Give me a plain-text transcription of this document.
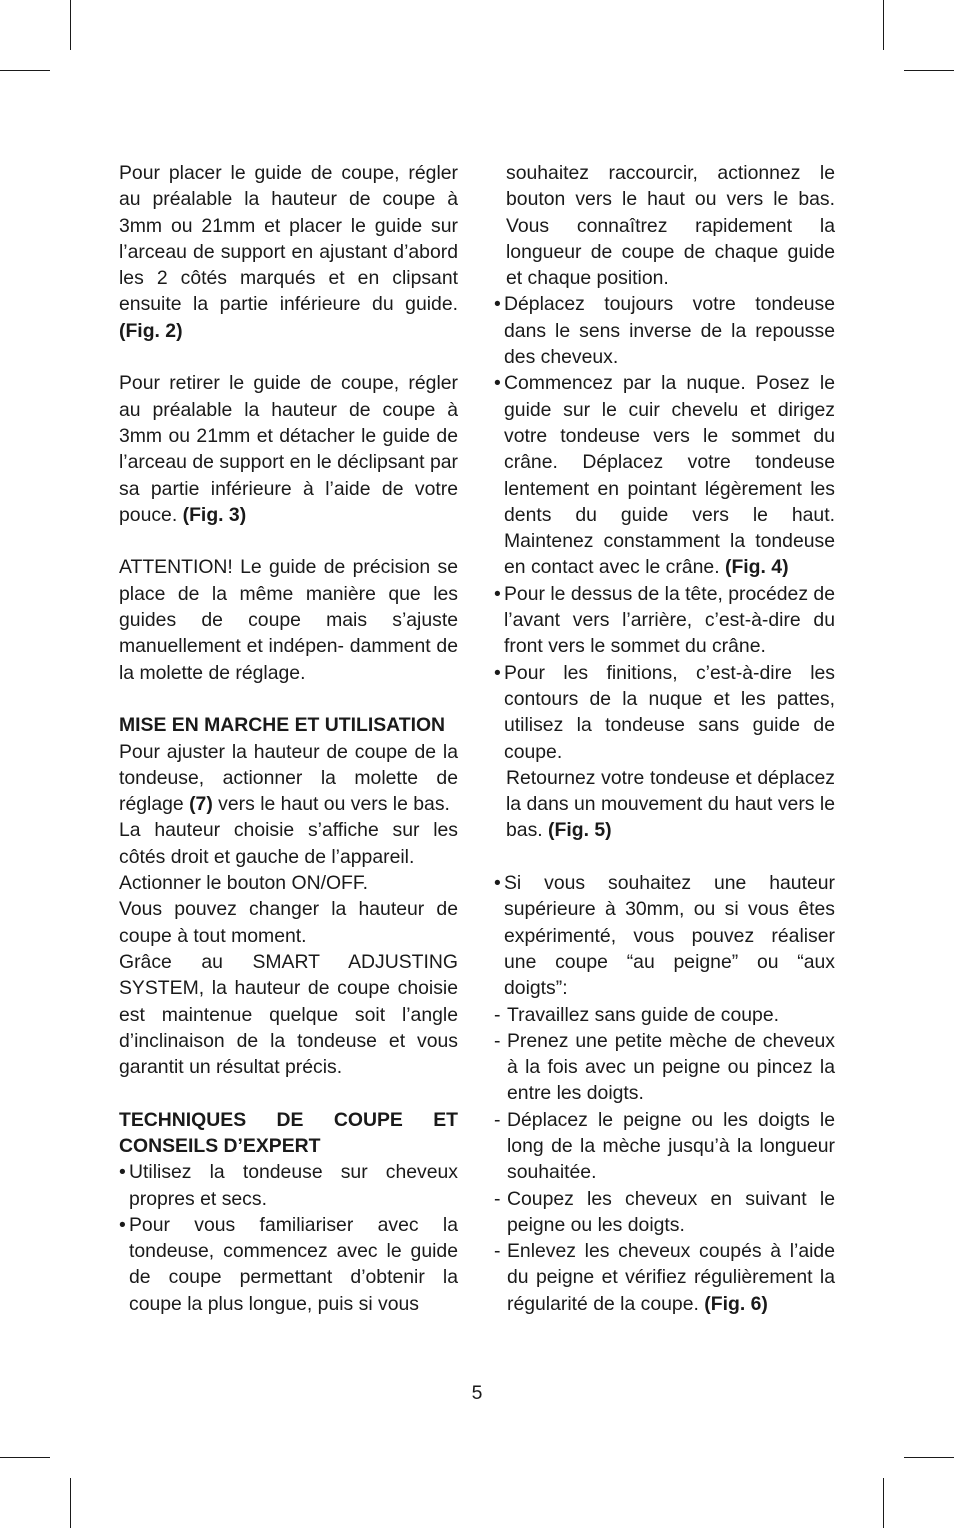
Pour placer le guide de coupe, régler au préalable la hauteur de coupe à 3mm ou 21mm et placer le guide sur l’arceau de support en ajustant d’abord les 2 côtés marqués et en clipsant ensuite la partie inférieure du guide. (Fig. 2)

Pour retirer le guide de coupe, régler au préalable la hauteur de coupe à 3mm ou 21mm et détacher le guide de l’arceau de support en le déclipsant par sa partie inférieure à l’aide de votre pouce. (Fig. 3)

ATTENTION! Le guide de précision se place de la même manière que les guides de coupe mais s’ajuste manuellement et indépen- damment de la molette de réglage.

MISE EN MARCHE ET UTILISATION

Pour ajuster la hauteur de coupe de la tondeuse, actionner la molette de réglage (7) vers le haut ou vers le bas.

La hauteur choisie s’affiche sur les côtés droit et gauche de l’appareil.

Actionner le bouton ON/OFF.

Vous pouvez changer la hauteur de coupe à tout moment.

Grâce au SMART ADJUSTING SYSTEM, la hauteur de coupe choisie est maintenue quelque soit l’angle d’inclinaison de la tondeuse et vous garantit un résultat précis.

TECHNIQUES DE COUPE ET CONSEILS D’EXPERT

• Utilisez la tondeuse sur cheveux propres et secs.

• Pour vous familiariser avec la tondeuse, commencez avec le guide de coupe permettant d’obtenir la coupe la plus longue, puis si vous

souhaitez raccourcir, actionnez le bouton vers le haut ou vers le bas. Vous connaîtrez rapidement la longueur de coupe de chaque guide et chaque position.

• Déplacez toujours votre tondeuse dans le sens inverse de la repousse des cheveux.

• Commencez par la nuque. Posez le guide sur le cuir chevelu et dirigez votre tondeuse vers le sommet du crâne. Déplacez votre tondeuse lentement en pointant légèrement les dents du guide vers le haut. Maintenez constamment la tondeuse en contact avec le crâne. (Fig. 4)

• Pour le dessus de la tête, procédez de l’avant vers l’arrière, c’est-à-dire du front vers le sommet du crâne.

• Pour les finitions, c’est-à-dire les contours de la nuque et les pattes, utilisez la tondeuse sans guide de coupe.

Retournez votre tondeuse et déplacez la dans un mouvement du haut vers le bas. (Fig. 5)

• Si vous souhaitez une hauteur supérieure à 30mm, ou si vous êtes expérimenté, vous pouvez réaliser une coupe “au peigne” ou “aux doigts”:

- Travaillez sans guide de coupe.

- Prenez une petite mèche de cheveux à la fois avec un peigne ou pincez la entre les doigts.

- Déplacez le peigne ou les doigts le long de la mèche jusqu’à la longueur souhaitée.

- Coupez les cheveux en suivant le peigne ou les doigts.

- Enlevez les cheveux coupés à l’aide du peigne et vérifiez régulièrement la régularité de la coupe. (Fig. 6)

5
